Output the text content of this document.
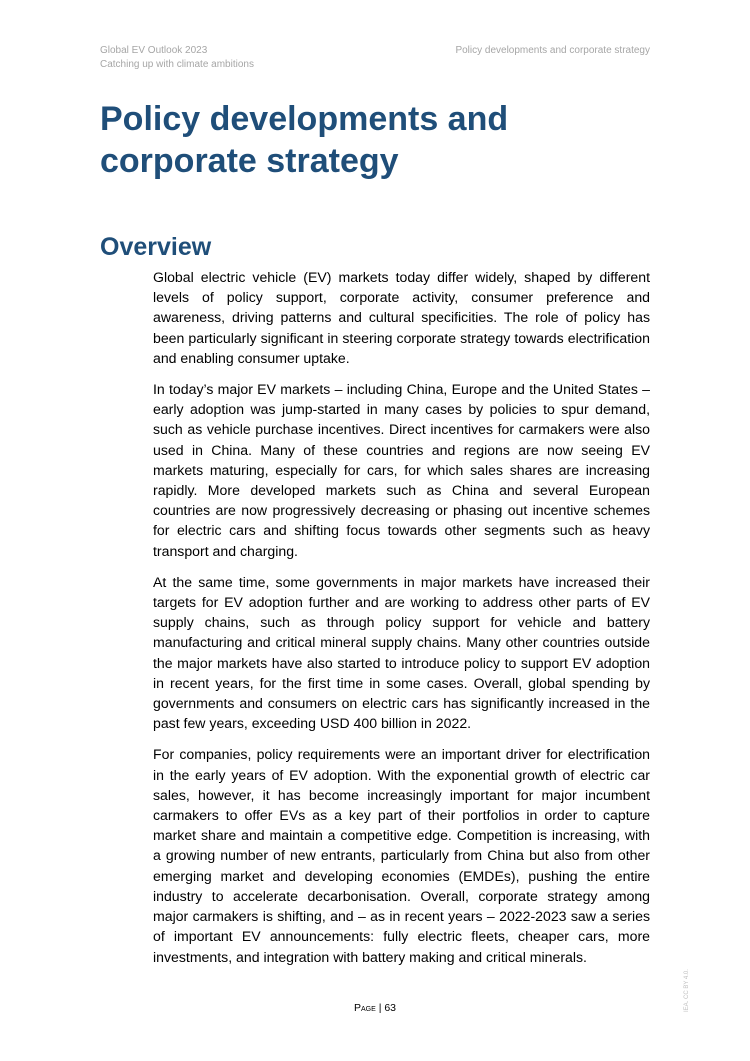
Global EV Outlook 2023
Catching up with climate ambitions
Policy developments and corporate strategy
Policy developments and
corporate strategy
Overview

Global electric vehicle (EV) markets today differ widely, shaped by different levels of policy support, corporate activity, consumer preference and awareness, driving patterns and cultural specificities. The role of policy has been particularly significant in steering corporate strategy towards electrification and enabling consumer uptake.

In today’s major EV markets – including China, Europe and the United States – early adoption was jump-started in many cases by policies to spur demand, such as vehicle purchase incentives. Direct incentives for carmakers were also used in China. Many of these countries and regions are now seeing EV markets maturing, especially for cars, for which sales shares are increasing rapidly. More developed markets such as China and several European countries are now progressively decreasing or phasing out incentive schemes for electric cars and shifting focus towards other segments such as heavy transport and charging.

At the same time, some governments in major markets have increased their targets for EV adoption further and are working to address other parts of EV supply chains, such as through policy support for vehicle and battery manufacturing and critical mineral supply chains. Many other countries outside the major markets have also started to introduce policy to support EV adoption in recent years, for the first time in some cases. Overall, global spending by governments and consumers on electric cars has significantly increased in the past few years, exceeding USD 400 billion in 2022.

For companies, policy requirements were an important driver for electrification in the early years of EV adoption. With the exponential growth of electric car sales, however, it has become increasingly important for major incumbent carmakers to offer EVs as a key part of their portfolios in order to capture market share and maintain a competitive edge. Competition is increasing, with a growing number of new entrants, particularly from China but also from other emerging market and developing economies (EMDEs), pushing the entire industry to accelerate decarbonisation. Overall, corporate strategy among major carmakers is shifting, and – as in recent years – 2022-2023 saw a series of important EV announcements: fully electric fleets, cheaper cars, more investments, and integration with battery making and critical minerals.

Page | 63	IEA. CC BY 4.0.
